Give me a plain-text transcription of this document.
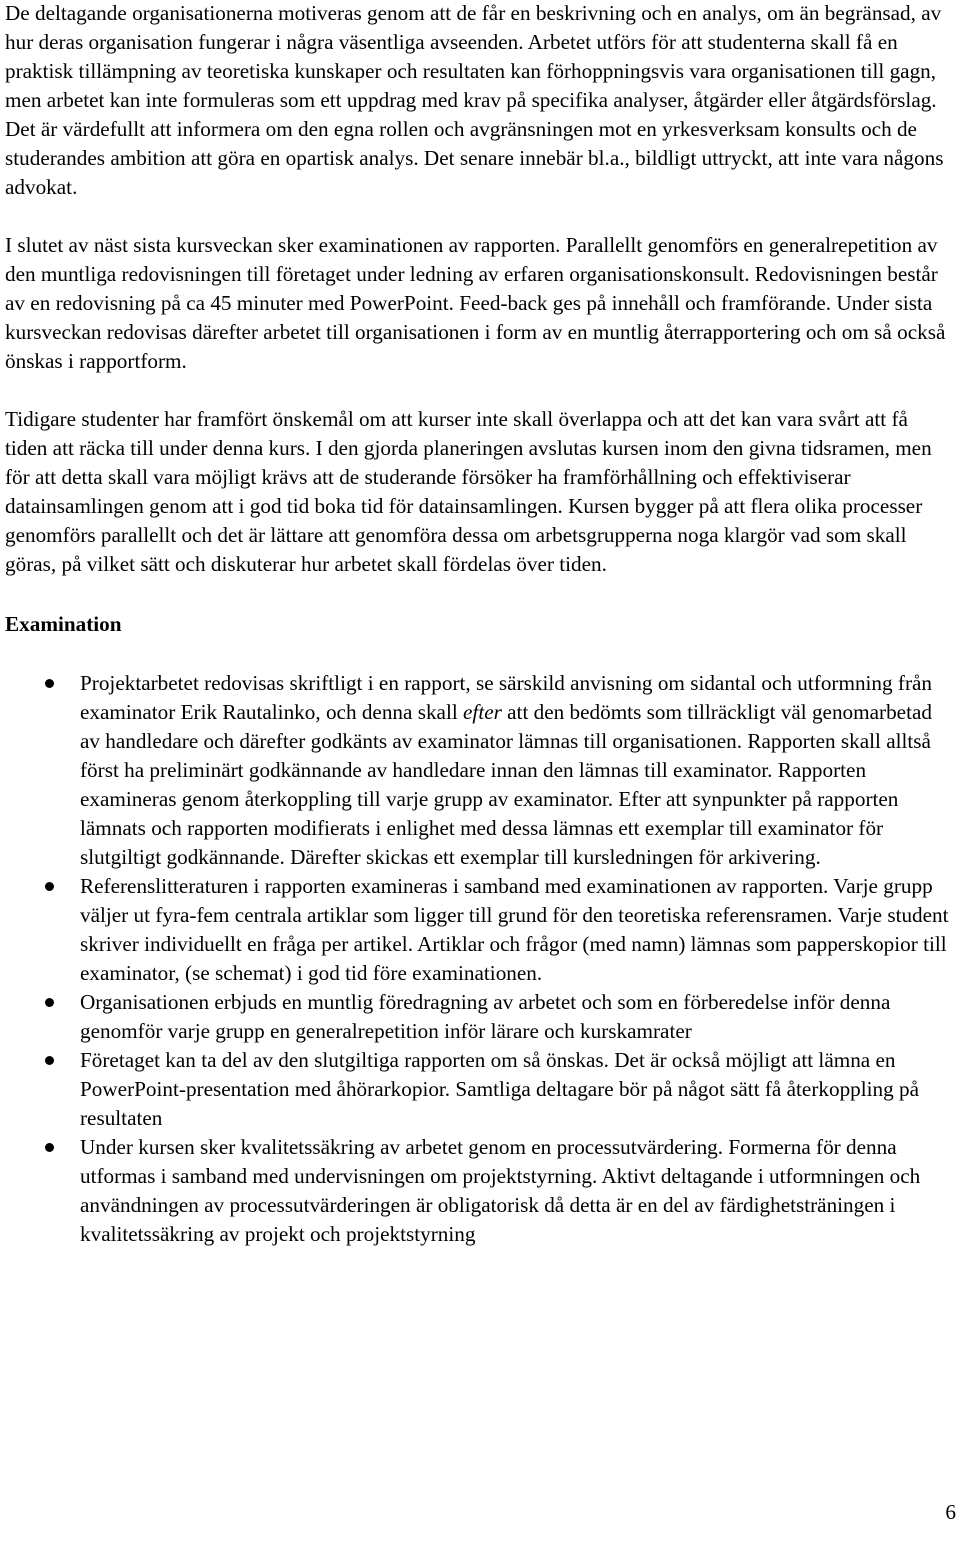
De deltagande organisationerna motiveras genom att de får en beskrivning och en analys, om än begränsad, av hur deras organisation fungerar i några väsentliga avseenden. Arbetet utförs för att studenterna skall få en praktisk tillämpning av teoretiska kunskaper och resultaten kan förhoppningsvis vara organisationen till gagn, men arbetet kan inte formuleras som ett uppdrag med krav på specifika analyser, åtgärder eller åtgärdsförslag. Det är värdefullt att informera om den egna rollen och avgränsningen mot en yrkesverksam konsults och de studerandes ambition att göra en opartisk analys. Det senare innebär bl.a., bildligt uttryckt, att inte vara någons advokat.

I slutet av näst sista kursveckan sker examinationen av rapporten. Parallellt genomförs en generalrepetition av den muntliga redovisningen till företaget under ledning av erfaren organisationskonsult. Redovisningen består av en redovisning på ca 45 minuter med PowerPoint. Feed-back ges på innehåll och framförande. Under sista kursveckan redovisas därefter arbetet till organisationen i form av en muntlig återrapportering och om så också önskas i rapportform.

Tidigare studenter har framfört önskemål om att kurser inte skall överlappa och att det kan vara svårt att få tiden att räcka till under denna kurs. I den gjorda planeringen avslutas kursen inom den givna tidsramen, men för att detta skall vara möjligt krävs att de studerande försöker ha framförhållning och effektiviserar datainsamlingen genom att i god tid boka tid för datainsamlingen. Kursen bygger på att flera olika processer genomförs parallellt och det är lättare att genomföra dessa om arbetsgrupperna noga klargör vad som skall göras, på vilket sätt och diskuterar hur arbetet skall fördelas över tiden.

Examination

Projektarbetet redovisas skriftligt i en rapport, se särskild anvisning om sidantal och utformning från examinator Erik Rautalinko, och denna skall efter att den bedömts som tillräckligt väl genomarbetad av handledare och därefter godkänts av examinator lämnas till organisationen. Rapporten skall alltså först ha preliminärt godkännande av handledare innan den lämnas till examinator. Rapporten examineras genom återkoppling till varje grupp av examinator. Efter att synpunkter på rapporten lämnats och rapporten modifierats i enlighet med dessa lämnas ett exemplar till examinator för slutgiltigt godkännande. Därefter skickas ett exemplar till kursledningen för arkivering.
Referenslitteraturen i rapporten examineras i samband med examinationen av rapporten. Varje grupp väljer ut fyra-fem centrala artiklar som ligger till grund för den teoretiska referensramen. Varje student skriver individuellt en fråga per artikel. Artiklar och frågor (med namn) lämnas som papperskopior till examinator, (se schemat) i god tid före examinationen.
Organisationen erbjuds en muntlig föredragning av arbetet och som en förberedelse inför denna genomför varje grupp en generalrepetition inför lärare och kurskamrater
Företaget kan ta del av den slutgiltiga rapporten om så önskas. Det är också möjligt att lämna en PowerPoint-presentation med åhörarkopior. Samtliga deltagare bör på något sätt få återkoppling på resultaten
Under kursen sker kvalitetssäkring av arbetet genom en processutvärdering. Formerna för denna utformas i samband med undervisningen om projektstyrning. Aktivt deltagande i utformningen och användningen av processutvärderingen är obligatorisk då detta är en del av färdighetsträningen i kvalitetssäkring av projekt och projektstyrning
6
